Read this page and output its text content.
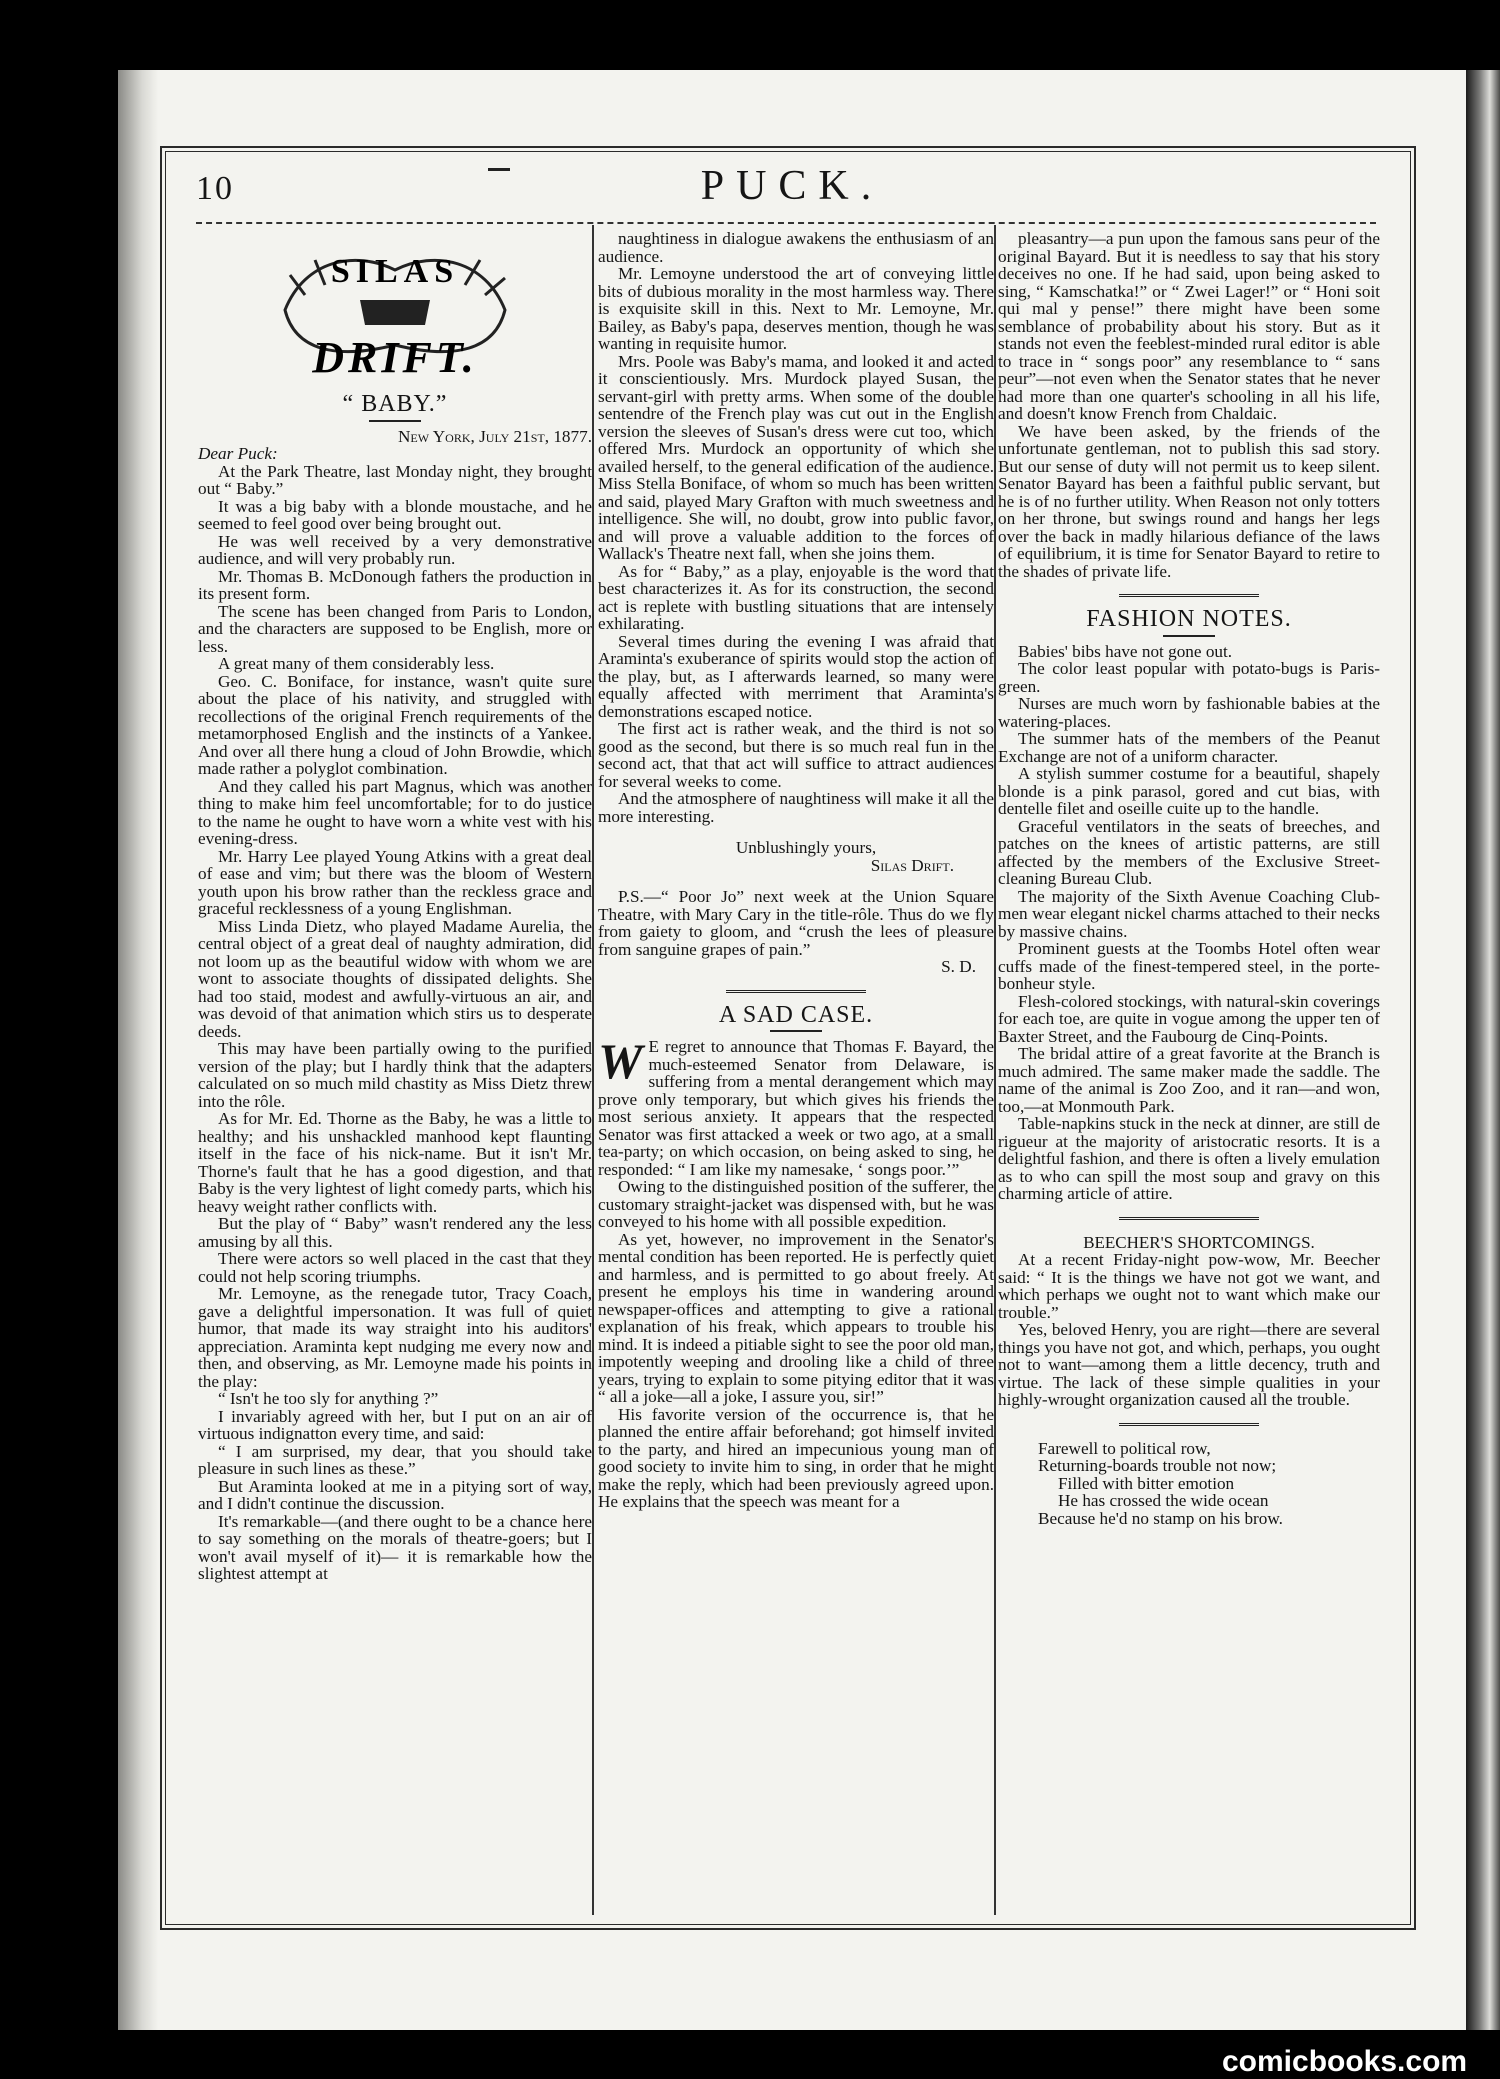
10	PUCK.
SILAS
DRIFT.
“ BABY.”

New York, July 21st, 1877.

Dear Puck:

At the Park Theatre, last Monday night, they brought out “ Baby.”

It was a big baby with a blonde moustache, and he seemed to feel good over being brought out.

He was well received by a very demonstrative audience, and will very probably run.

Mr. Thomas B. McDonough fathers the production in its present form.

The scene has been changed from Paris to London, and the characters are supposed to be English, more or less.

A great many of them considerably less.

Geo. C. Boniface, for instance, wasn't quite sure about the place of his nativity, and struggled with recollections of the original French requirements of the metamorphosed English and the instincts of a Yankee. And over all there hung a cloud of John Browdie, which made rather a polyglot combination.

And they called his part Magnus, which was another thing to make him feel uncomfortable; for to do justice to the name he ought to have worn a white vest with his evening-dress.

Mr. Harry Lee played Young Atkins with a great deal of ease and vim; but there was the bloom of Western youth upon his brow rather than the reckless grace and graceful recklessness of a young Englishman.

Miss Linda Dietz, who played Madame Aurelia, the central object of a great deal of naughty admiration, did not loom up as the beautiful widow with whom we are wont to associate thoughts of dissipated delights. She had too staid, modest and awfully-virtuous an air, and was devoid of that animation which stirs us to desperate deeds.

This may have been partially owing to the purified version of the play; but I hardly think that the adapters calculated on so much mild chastity as Miss Dietz threw into the rôle.

As for Mr. Ed. Thorne as the Baby, he was a little to healthy; and his unshackled manhood kept flaunting itself in the face of his nick-name. But it isn't Mr. Thorne's fault that he has a good digestion, and that Baby is the very lightest of light comedy parts, which his heavy weight rather conflicts with.

But the play of “ Baby” wasn't rendered any the less amusing by all this.

There were actors so well placed in the cast that they could not help scoring triumphs.

Mr. Lemoyne, as the renegade tutor, Tracy Coach, gave a delightful impersonation. It was full of quiet humor, that made its way straight into his auditors' appreciation. Araminta kept nudging me every now and then, and observing, as Mr. Lemoyne made his points in the play:

“ Isn't he too sly for anything ?”

I invariably agreed with her, but I put on an air of virtuous indignatton every time, and said:

“ I am surprised, my dear, that you should take pleasure in such lines as these.”

But Araminta looked at me in a pitying sort of way, and I didn't continue the discussion.

It's remarkable—(and there ought to be a chance here to say something on the morals of theatre-goers; but I won't avail myself of it)— it is remarkable how the slightest attempt at

naughtiness in dialogue awakens the enthusiasm of an audience.

Mr. Lemoyne understood the art of conveying little bits of dubious morality in the most harmless way. There is exquisite skill in this. Next to Mr. Lemoyne, Mr. Bailey, as Baby's papa, deserves mention, though he was wanting in requisite humor.

Mrs. Poole was Baby's mama, and looked it and acted it conscientiously. Mrs. Murdock played Susan, the servant-girl with pretty arms. When some of the double sentendre of the French play was cut out in the English version the sleeves of Susan's dress were cut too, which offered Mrs. Murdock an opportunity of which she availed herself, to the general edification of the audience. Miss Stella Boniface, of whom so much has been written and said, played Mary Grafton with much sweetness and intelligence. She will, no doubt, grow into public favor, and will prove a valuable addition to the forces of Wallack's Theatre next fall, when she joins them.

As for “ Baby,” as a play, enjoyable is the word that best characterizes it. As for its construction, the second act is replete with bustling situations that are intensely exhilarating.

Several times during the evening I was afraid that Araminta's exuberance of spirits would stop the action of the play, but, as I afterwards learned, so many were equally affected with merriment that Araminta's demonstrations escaped notice.

The first act is rather weak, and the third is not so good as the second, but there is so much real fun in the second act, that that act will suffice to attract audiences for several weeks to come.

And the atmosphere of naughtiness will make it all the more interesting.

Unblushingly yours,

Silas Drift.

P.S.—“ Poor Jo” next week at the Union Square Theatre, with Mary Cary in the title-rôle. Thus do we fly from gaiety to gloom, and “crush the lees of pleasure from sanguine grapes of pain.”

S. D.

A SAD CASE.
W E regret to announce that Thomas F. Bayard, the much-esteemed Senator from Delaware, is suffering from a mental derangement which may prove only temporary, but which gives his friends the most serious anxiety. It appears that the respected Senator was first attacked a week or two ago, at a small tea-party; on which occasion, on being asked to sing, he responded: “ I am like my namesake, ‘ songs poor.’”

Owing to the distinguished position of the sufferer, the customary straight-jacket was dispensed with, but he was conveyed to his home with all possible expedition.

As yet, however, no improvement in the Senator's mental condition has been reported. He is perfectly quiet and harmless, and is permitted to go about freely. At present he employs his time in wandering around newspaper-offices and attempting to give a rational explanation of his freak, which appears to trouble his mind. It is indeed a pitiable sight to see the poor old man, impotently weeping and drooling like a child of three years, trying to explain to some pitying editor that it was “ all a joke—all a joke, I assure you, sir!”

His favorite version of the occurrence is, that he planned the entire affair beforehand; got himself invited to the party, and hired an impecunious young man of good society to invite him to sing, in order that he might make the reply, which had been previously agreed upon. He explains that the speech was meant for a

pleasantry—a pun upon the famous sans peur of the original Bayard. But it is needless to say that his story deceives no one. If he had said, upon being asked to sing, “ Kamschatka!” or “ Zwei Lager!” or “ Honi soit qui mal y pense!” there might have been some semblance of probability about his story. But as it stands not even the feeblest-minded rural editor is able to trace in “ songs poor” any resemblance to “ sans peur”—not even when the Senator states that he never had more than one quarter's schooling in all his life, and doesn't know French from Chaldaic.

We have been asked, by the friends of the unfortunate gentleman, not to publish this sad story. But our sense of duty will not permit us to keep silent. Senator Bayard has been a faithful public servant, but he is of no further utility. When Reason not only totters on her throne, but swings round and hangs her legs over the back in madly hilarious defiance of the laws of equilibrium, it is time for Senator Bayard to retire to the shades of private life.

FASHION NOTES.

Babies' bibs have not gone out.

The color least popular with potato-bugs is Paris-green.

Nurses are much worn by fashionable babies at the watering-places.

The summer hats of the members of the Peanut Exchange are not of a uniform character.

A stylish summer costume for a beautiful, shapely blonde is a pink parasol, gored and cut bias, with dentelle filet and oseille cuite up to the handle.

Graceful ventilators in the seats of breeches, and patches on the knees of artistic patterns, are still affected by the members of the Exclusive Street-cleaning Bureau Club.

The majority of the Sixth Avenue Coaching Club-men wear elegant nickel charms attached to their necks by massive chains.

Prominent guests at the Toombs Hotel often wear cuffs made of the finest-tempered steel, in the porte-bonheur style.

Flesh-colored stockings, with natural-skin coverings for each toe, are quite in vogue among the upper ten of Baxter Street, and the Faubourg de Cinq-Points.

The bridal attire of a great favorite at the Branch is much admired. The same maker made the saddle. The name of the animal is Zoo Zoo, and it ran—and won, too,—at Monmouth Park.

Table-napkins stuck in the neck at dinner, are still de rigueur at the majority of aristocratic resorts. It is a delightful fashion, and there is often a lively emulation as to who can spill the most soup and gravy on this charming article of attire.

BEECHER'S SHORTCOMINGS.

At a recent Friday-night pow-wow, Mr. Beecher said: “ It is the things we have not got we want, and which perhaps we ought not to want which make our trouble.”

Yes, beloved Henry, you are right—there are several things you have not got, and which, perhaps, you ought not to want—among them a little decency, truth and virtue. The lack of these simple qualities in your highly-wrought organization caused all the trouble.

Farewell to political row,

Returning-boards trouble not now;

Filled with bitter emotion

He has crossed the wide ocean

Because he'd no stamp on his brow.

comicbooks.com
